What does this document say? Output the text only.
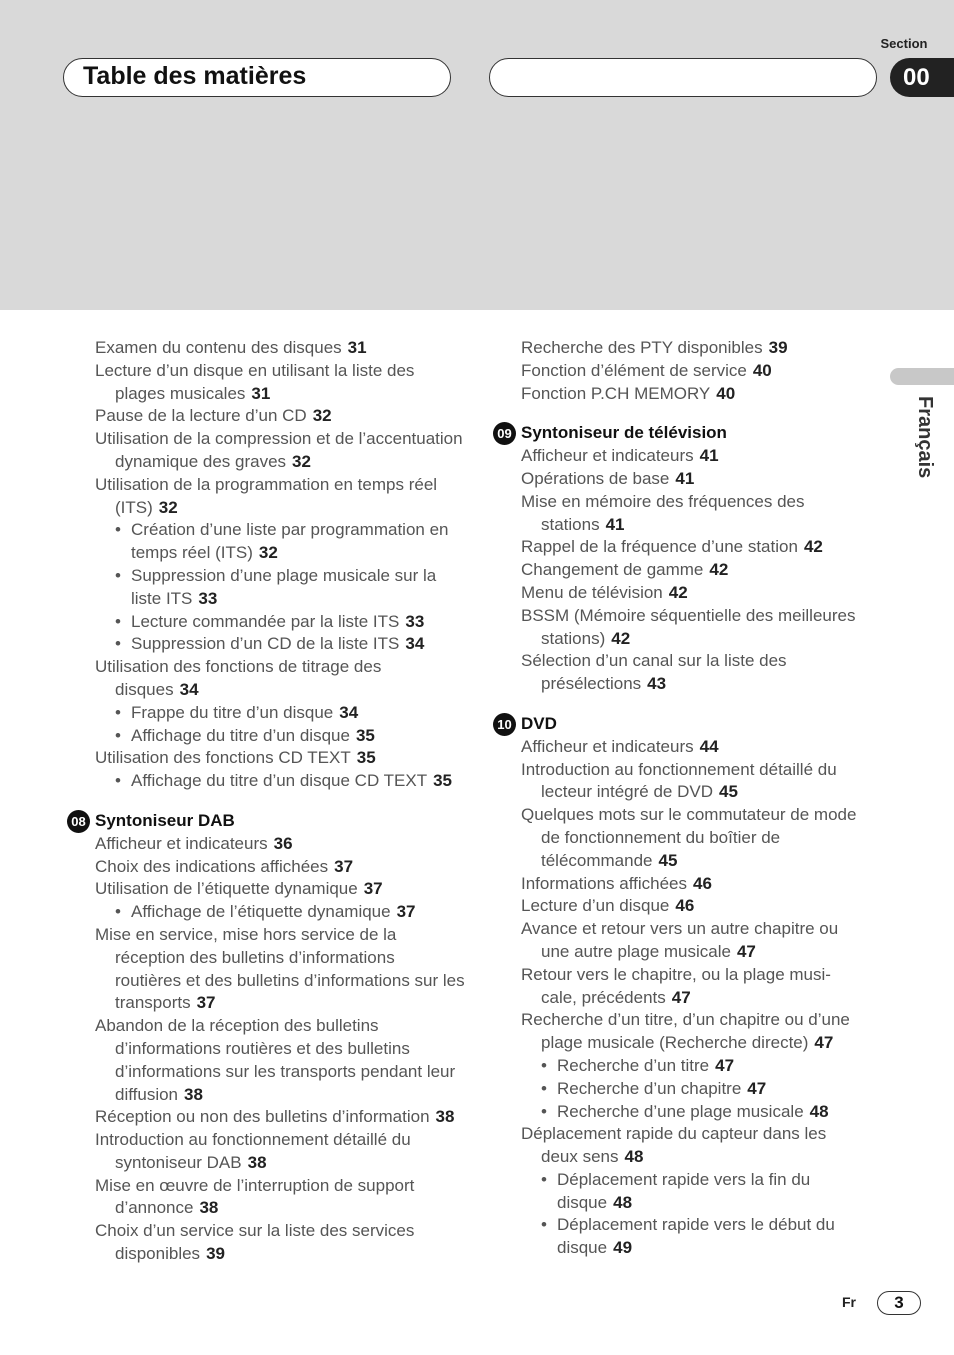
Section
Table des matières	00
Français
Examen du contenu des disques 31
Lecture d’un disque en utilisant la liste des plages musicales 31
Pause de la lecture d’un CD 32
Utilisation de la compression et de l’accentuation dynamique des graves 32
Utilisation de la programmation en temps réel (ITS) 32
• Création d’une liste par programmation en temps réel (ITS) 32
• Suppression d’une plage musicale sur la liste ITS 33
• Lecture commandée par la liste ITS 33
• Suppression d’un CD de la liste ITS 34
Utilisation des fonctions de titrage des disques 34
• Frappe du titre d’un disque 34
• Affichage du titre d’un disque 35
Utilisation des fonctions CD TEXT 35
• Affichage du titre d’un disque CD TEXT 35
08 Syntoniseur DAB
Afficheur et indicateurs 36
Choix des indications affichées 37
Utilisation de l’étiquette dynamique 37
• Affichage de l’étiquette dynamique 37
Mise en service, mise hors service de la réception des bulletins d’informations routières et des bulletins d’informations sur les transports 37
Abandon de la réception des bulletins d’informations routières et des bulletins d’informations sur les transports pendant leur diffusion 38
Réception ou non des bulletins d’information 38
Introduction au fonctionnement détaillé du syntoniseur DAB 38
Mise en œuvre de l’interruption de support d’annonce 38
Choix d’un service sur la liste des services disponibles 39
Recherche des PTY disponibles 39
Fonction d’élément de service 40
Fonction P.CH MEMORY 40
09 Syntoniseur de télévision
Afficheur et indicateurs 41
Opérations de base 41
Mise en mémoire des fréquences des stations 41
Rappel de la fréquence d’une station 42
Changement de gamme 42
Menu de télévision 42
BSSM (Mémoire séquentielle des meilleures stations) 42
Sélection d’un canal sur la liste des présélections 43
10 DVD
Afficheur et indicateurs 44
Introduction au fonctionnement détaillé du lecteur intégré de DVD 45
Quelques mots sur le commutateur de mode de fonctionnement du boîtier de télécommande 45
Informations affichées 46
Lecture d’un disque 46
Avance et retour vers un autre chapitre ou une autre plage musicale 47
Retour vers le chapitre, ou la plage musi-cale, précédents 47
Recherche d’un titre, d’un chapitre ou d’une plage musicale (Recherche directe) 47
• Recherche d’un titre 47
• Recherche d’un chapitre 47
• Recherche d’une plage musicale 48
Déplacement rapide du capteur dans les deux sens 48
• Déplacement rapide vers la fin du disque 48
• Déplacement rapide vers le début du disque 49
Fr	3
